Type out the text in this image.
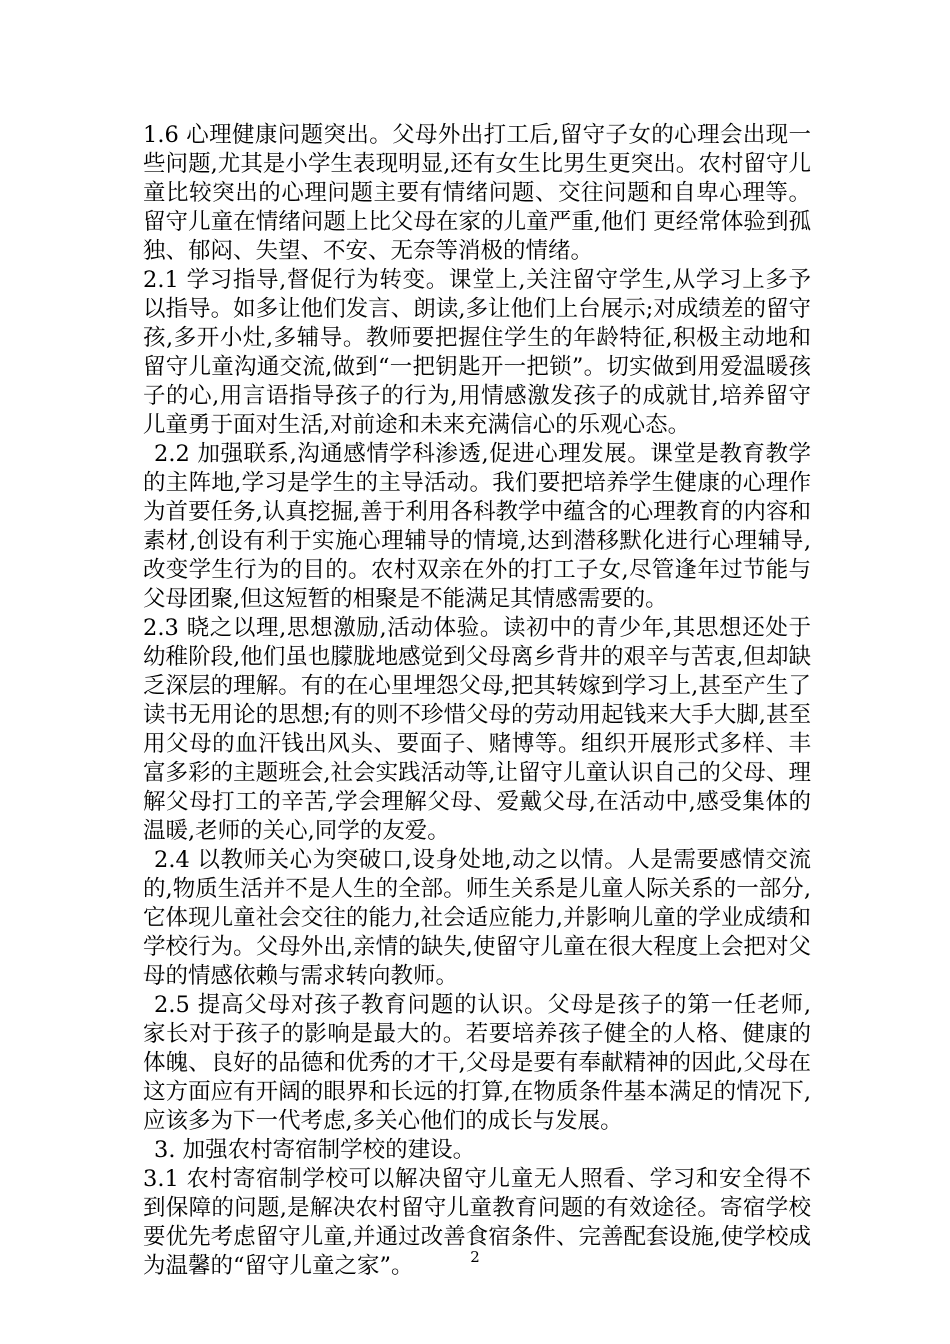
1.6 心理健康问题突出。父母外出打工后,留守子女的心理会出现一些问题,尤其是小学生表现明显,还有女生比男生更突出。农村留守儿童比较突出的心理问题主要有情绪问题、交往问题和自卑心理等。留守儿童在情绪问题上比父母在家的儿童严重,他们 更经常体验到孤独、郁闷、失望、不安、无奈等消极的情绪。

2.1 学习指导,督促行为转变。课堂上,关注留守学生,从学习上多予以指导。如多让他们发言、朗读,多让他们上台展示;对成绩差的留守孩,多开小灶,多辅导。教师要把握住学生的年龄特征,积极主动地和留守儿童沟通交流,做到“一把钥匙开一把锁”。切实做到用爱温暖孩子的心,用言语指导孩子的行为,用情感激发孩子的成就甘,培养留守儿童勇于面对生活,对前途和未来充满信心的乐观心态。

2.2 加强联系,沟通感情学科渗透,促进心理发展。课堂是教育教学的主阵地,学习是学生的主导活动。我们要把培养学生健康的心理作为首要任务,认真挖掘,善于利用各科教学中蕴含的心理教育的内容和素材,创设有利于实施心理辅导的情境,达到潜移默化进行心理辅导,改变学生行为的目的。农村双亲在外的打工子女,尽管逢年过节能与父母团聚,但这短暂的相聚是不能满足其情感需要的。

2.3 晓之以理,思想激励,活动体验。读初中的青少年,其思想还处于幼稚阶段,他们虽也朦胧地感觉到父母离乡背井的艰辛与苦衷,但却缺乏深层的理解。有的在心里埋怨父母,把其转嫁到学习上,甚至产生了读书无用论的思想;有的则不珍惜父母的劳动用起钱来大手大脚,甚至用父母的血汗钱出风头、要面子、赌博等。组织开展形式多样、丰富多彩的主题班会,社会实践活动等,让留守儿童认识自己的父母、理解父母打工的辛苦,学会理解父母、爱戴父母,在活动中,感受集体的温暖,老师的关心,同学的友爱。

2.4 以教师关心为突破口,设身处地,动之以情。人是需要感情交流的,物质生活并不是人生的全部。师生关系是儿童人际关系的一部分,它体现儿童社会交往的能力,社会适应能力,并影响儿童的学业成绩和学校行为。父母外出,亲情的缺失,使留守儿童在很大程度上会把对父母的情感依赖与需求转向教师。

2.5 提高父母对孩子教育问题的认识。父母是孩子的第一任老师,家长对于孩子的影响是最大的。若要培养孩子健全的人格、健康的体魄、良好的品德和优秀的才干,父母是要有奉献精神的因此,父母在这方面应有开阔的眼界和长远的打算,在物质条件基本满足的情况下,应该多为下一代考虑,多关心他们的成长与发展。

3. 加强农村寄宿制学校的建设。

3.1 农村寄宿制学校可以解决留守儿童无人照看、学习和安全得不到保障的问题,是解决农村留守儿童教育问题的有效途径。寄宿学校要优先考虑留守儿童,并通过改善食宿条件、完善配套设施,使学校成为温馨的“留守儿童之家”。	2
